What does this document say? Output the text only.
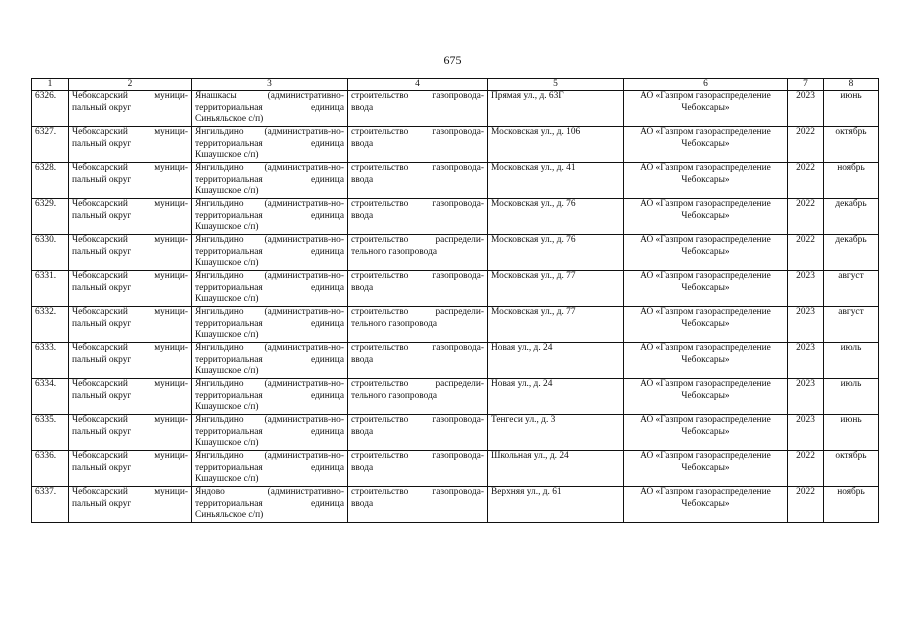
675
1	2	3	4	5	6	7	8
6326.	Чебоксарский муници-пальный округ	Янашкасы (административно-территориальная единица Синьяльское с/п)	строительство газопровода-ввода	Прямая ул., д. 63Г	АО «Газпром газораспределение Чебоксары»	2023	июнь
6327.	Чебоксарский муници-пальный округ	Янгильдино (административ-но-территориальная единица Кшаушское с/п)	строительство газопровода-ввода	Московская ул., д. 106	АО «Газпром газораспределение Чебоксары»	2022	октябрь
6328.	Чебоксарский муници-пальный округ	Янгильдино (административ-но-территориальная единица Кшаушское с/п)	строительство газопровода-ввода	Московская ул., д. 41	АО «Газпром газораспределение Чебоксары»	2022	ноябрь
6329.	Чебоксарский муници-пальный округ	Янгильдино (административ-но-территориальная единица Кшаушское с/п)	строительство газопровода-ввода	Московская ул., д. 76	АО «Газпром газораспределение Чебоксары»	2022	декабрь
6330.	Чебоксарский муници-пальный округ	Янгильдино (административ-но-территориальная единица Кшаушское с/п)	строительство распредели-тельного газопровода	Московская ул., д. 76	АО «Газпром газораспределение Чебоксары»	2022	декабрь
6331.	Чебоксарский муници-пальный округ	Янгильдино (административ-но-территориальная единица Кшаушское с/п)	строительство газопровода-ввода	Московская ул., д. 77	АО «Газпром газораспределение Чебоксары»	2023	август
6332.	Чебоксарский муници-пальный округ	Янгильдино (административ-но-территориальная единица Кшаушское с/п)	строительство распредели-тельного газопровода	Московская ул., д. 77	АО «Газпром газораспределение Чебоксары»	2023	август
6333.	Чебоксарский муници-пальный округ	Янгильдино (административ-но-территориальная единица Кшаушское с/п)	строительство газопровода-ввода	Новая ул., д. 24	АО «Газпром газораспределение Чебоксары»	2023	июль
6334.	Чебоксарский муници-пальный округ	Янгильдино (административ-но-территориальная единица Кшаушское с/п)	строительство распредели-тельного газопровода	Новая ул., д. 24	АО «Газпром газораспределение Чебоксары»	2023	июль
6335.	Чебоксарский муници-пальный округ	Янгильдино (административ-но-территориальная единица Кшаушское с/п)	строительство газопровода-ввода	Тенгеси ул., д. 3	АО «Газпром газораспределение Чебоксары»	2023	июнь
6336.	Чебоксарский муници-пальный округ	Янгильдино (административ-но-территориальная единица Кшаушское с/п)	строительство газопровода-ввода	Школьная ул., д. 24	АО «Газпром газораспределение Чебоксары»	2022	октябрь
6337.	Чебоксарский муници-пальный округ	Яндово (административно-территориальная единица Синьяльское с/п)	строительство газопровода-ввода	Верхняя ул., д. 61	АО «Газпром газораспределение Чебоксары»	2022	ноябрь
